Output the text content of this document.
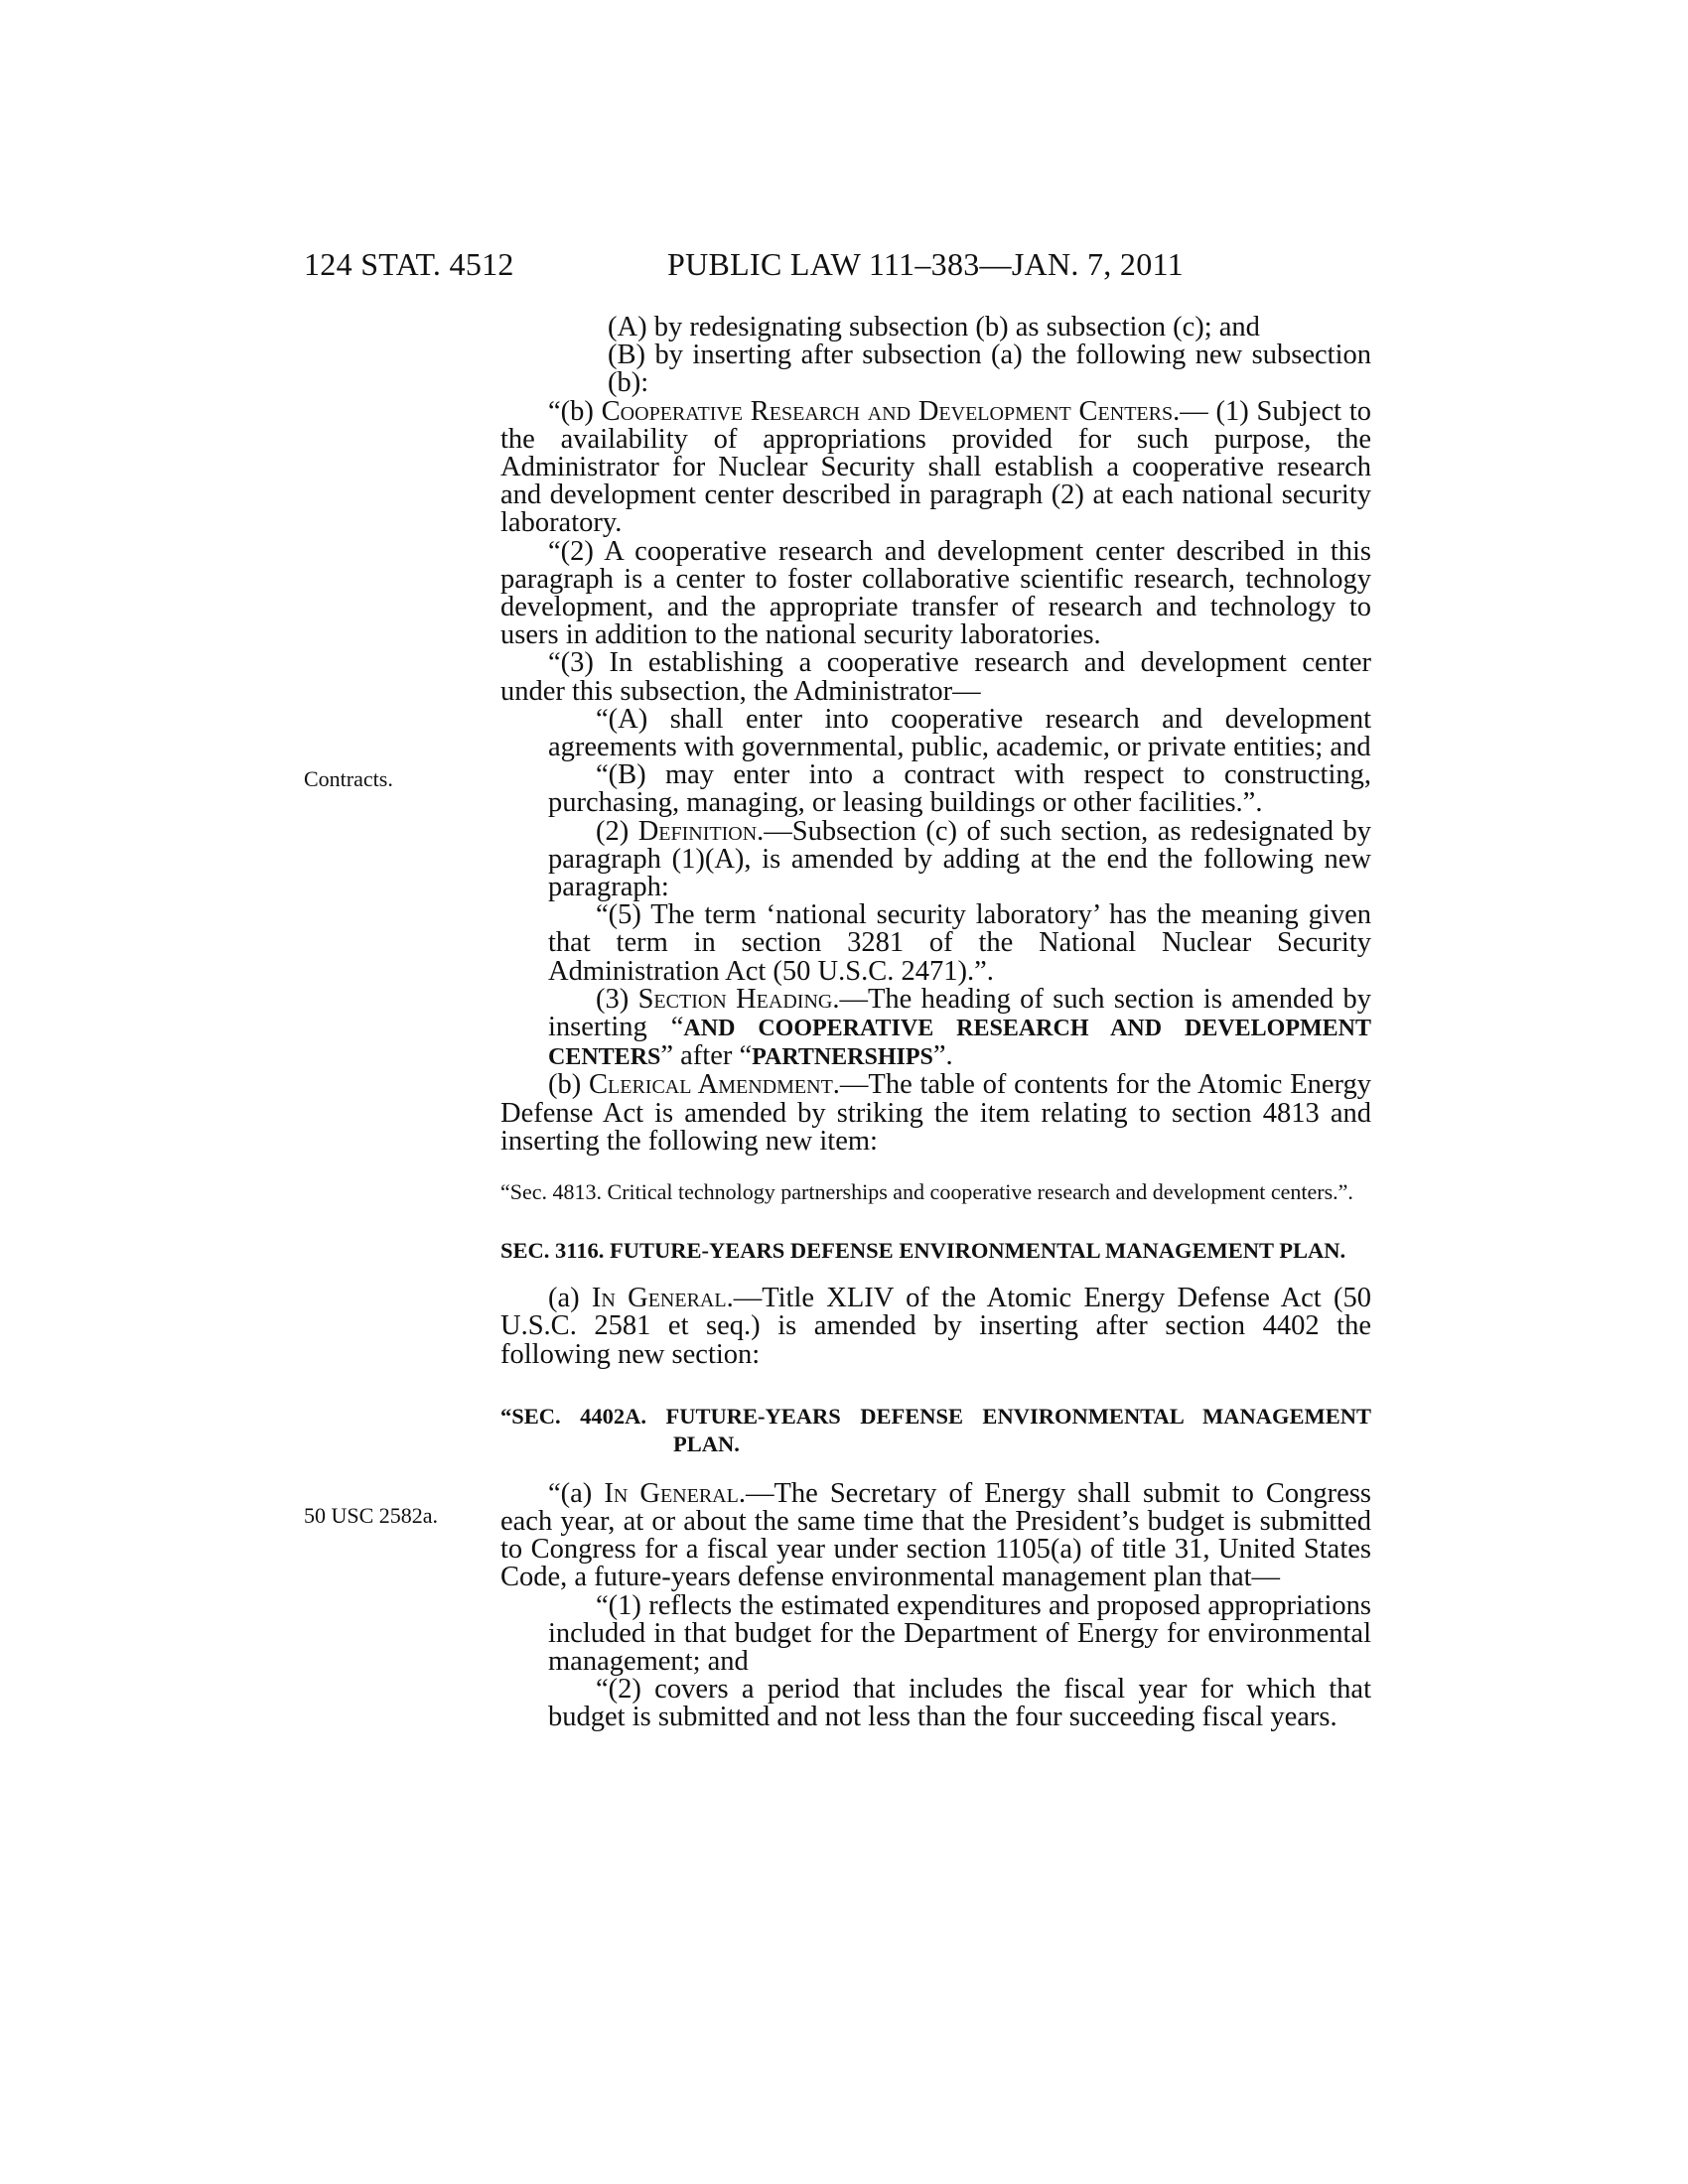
124 STAT. 4512	PUBLIC LAW 111–383—JAN. 7, 2011
Contracts.
50 USC 2582a.

(A) by redesignating subsection (b) as subsection (c); and

(B) by inserting after subsection (a) the following new subsection (b):

“(b) Cooperative Research and Development Centers.— (1) Subject to the availability of appropriations provided for such purpose, the Administrator for Nuclear Security shall establish a cooperative research and development center described in paragraph (2) at each national security laboratory.

“(2) A cooperative research and development center described in this paragraph is a center to foster collaborative scientific research, technology development, and the appropriate transfer of research and technology to users in addition to the national security laboratories.

“(3) In establishing a cooperative research and development center under this subsection, the Administrator—

“(A) shall enter into cooperative research and development agreements with governmental, public, academic, or private entities; and

“(B) may enter into a contract with respect to constructing, purchasing, managing, or leasing buildings or other facilities.”.

(2) Definition.—Subsection (c) of such section, as redesignated by paragraph (1)(A), is amended by adding at the end the following new paragraph:

“(5) The term ‘national security laboratory’ has the meaning given that term in section 3281 of the National Nuclear Security Administration Act (50 U.S.C. 2471).”.

(3) Section Heading.—The heading of such section is amended by inserting “AND COOPERATIVE RESEARCH AND DEVELOPMENT CENTERS” after “PARTNERSHIPS”.

(b) Clerical Amendment.—The table of contents for the Atomic Energy Defense Act is amended by striking the item relating to section 4813 and inserting the following new item:

“Sec. 4813. Critical technology partnerships and cooperative research and development centers.”.

SEC. 3116. FUTURE-YEARS DEFENSE ENVIRONMENTAL MANAGEMENT PLAN.

(a) In General.—Title XLIV of the Atomic Energy Defense Act (50 U.S.C. 2581 et seq.) is amended by inserting after section 4402 the following new section:

“SEC. 4402A. FUTURE-YEARS DEFENSE ENVIRONMENTAL MANAGEMENT PLAN.

“(a) In General.—The Secretary of Energy shall submit to Congress each year, at or about the same time that the President’s budget is submitted to Congress for a fiscal year under section 1105(a) of title 31, United States Code, a future-years defense environmental management plan that—

“(1) reflects the estimated expenditures and proposed appropriations included in that budget for the Department of Energy for environmental management; and

“(2) covers a period that includes the fiscal year for which that budget is submitted and not less than the four succeeding fiscal years.
